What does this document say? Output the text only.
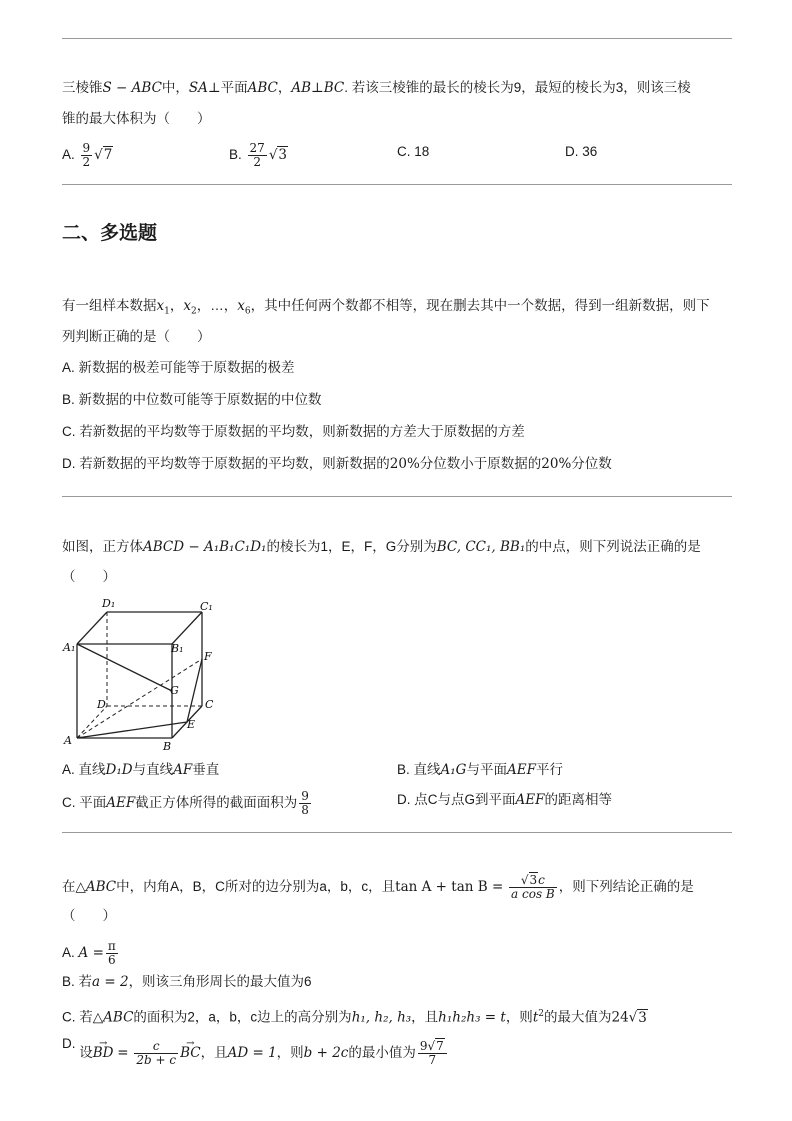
三棱锥S − ABC中，SA⊥平面ABC，AB⊥BC. 若该三棱锥的最长的棱长为9，最短的棱长为3，则该三棱
锥的最大体积为（　　）
A. $\frac{9}{2} √7$	B. $\frac{27}{2} √3$	C. 18	D. 36
二、多选题
有一组样本数据$x_1$，$x_2$，…，$x_6$，其中任何两个数都不相等，现在删去其中一个数据，得到一组新数据，则下
列判断正确的是（　　）
A. 新数据的极差可能等于原数据的极差
B. 新数据的中位数可能等于原数据的中位数
C. 若新数据的平均数等于原数据的平均数，则新数据的方差大于原数据的方差
D. 若新数据的平均数等于原数据的平均数，则新数据的20%分位数小于原数据的20%分位数
如图，正方体ABCD − A₁B₁C₁D₁的棱长为1，E，F，G分别为BC, CC₁, BB₁的中点，则下列说法正确的是
（　　）
D₁	C₁
A₁	B₁
F
G
D	C
E
A	B
A. 直线D₁D与直线AF垂直	B. 直线A₁G与平面AEF平行
C. 平面AEF截正方体所得的截面面积为 $\frac{9}{8}$	D. 点C与点G到平面AEF的距离相等
在△ABC中，内角A，B，C所对的边分别为a，b，c，且$\tan A + \tan B = \frac{√3c}{\text{a cos B}}$ ，则下列结论正确的是
（　　）
A. $A = \frac{\pi}{6}$
B. 若a = 2，则该三角形周长的最大值为6
C. 若△ABC的面积为2，a，b，c边上的高分别为h₁, h₂, h₃，且h₁h₂h₃ = t，则$t^2$的最大值为24√3
D. 设→ BD = $\frac{c}{2b + c}$
→ BC，且AD = 1，则b + 2c的最小值为 $\frac{9√7}{7}$
